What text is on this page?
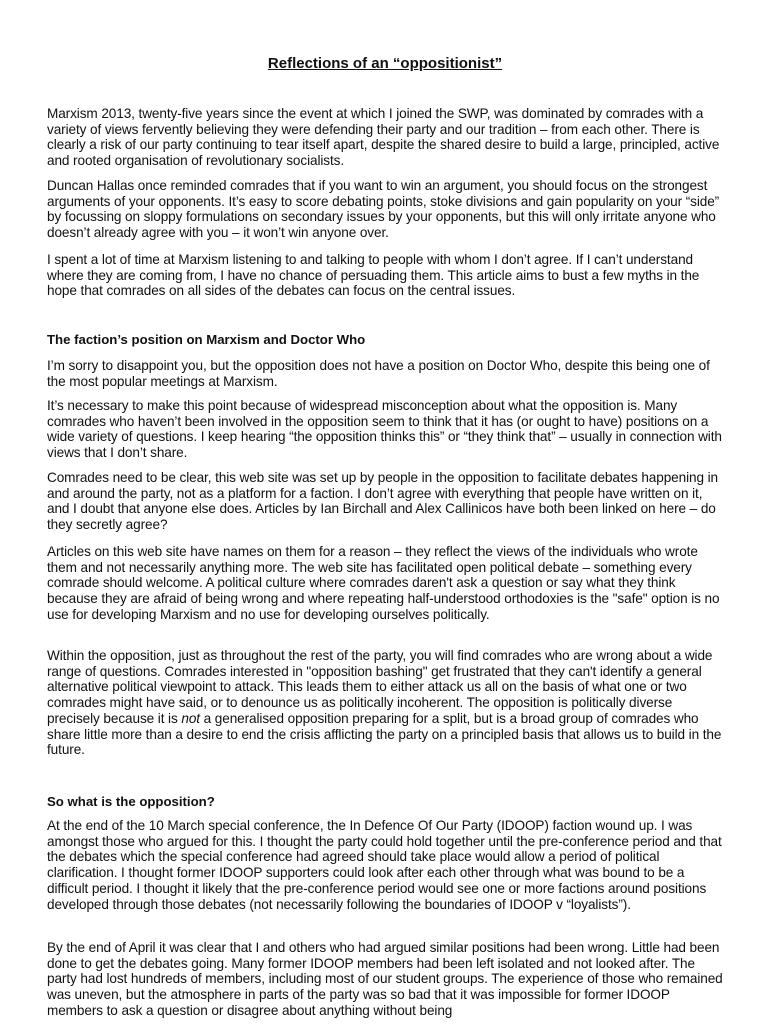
Reflections of an “oppositionist”

Marxism 2013, twenty-five years since the event at which I joined the SWP, was dominated by comrades with a variety of views fervently believing they were defending their party and our tradition – from each other. There is clearly a risk of our party continuing to tear itself apart, despite the shared desire to build a large, principled, active and rooted organisation of revolutionary socialists.

Duncan Hallas once reminded comrades that if you want to win an argument, you should focus on the strongest arguments of your opponents. It’s easy to score debating points, stoke divisions and gain popularity on your “side” by focussing on sloppy formulations on secondary issues by your opponents, but this will only irritate anyone who doesn’t already agree with you – it won’t win anyone over.

I spent a lot of time at Marxism listening to and talking to people with whom I don’t agree. If I can’t understand where they are coming from, I have no chance of persuading them. This article aims to bust a few myths in the hope that comrades on all sides of the debates can focus on the central issues.

The faction’s position on Marxism and Doctor Who

I’m sorry to disappoint you, but the opposition does not have a position on Doctor Who, despite this being one of the most popular meetings at Marxism.

It’s necessary to make this point because of widespread misconception about what the opposition is. Many comrades who haven’t been involved in the opposition seem to think that it has (or ought to have) positions on a wide variety of questions. I keep hearing “the opposition thinks this” or “they think that” – usually in connection with views that I don’t share.

Comrades need to be clear, this web site was set up by people in the opposition to facilitate debates happening in and around the party, not as a platform for a faction. I don’t agree with everything that people have written on it, and I doubt that anyone else does. Articles by Ian Birchall and Alex Callinicos have both been linked on here – do they secretly agree?

Articles on this web site have names on them for a reason – they reflect the views of the individuals who wrote them and not necessarily anything more. The web site has facilitated open political debate – something every comrade should welcome. A political culture where comrades daren't ask a question or say what they think because they are afraid of being wrong and where repeating half-understood orthodoxies is the "safe" option is no use for developing Marxism and no use for developing ourselves politically.

Within the opposition, just as throughout the rest of the party, you will find comrades who are wrong about a wide range of questions. Comrades interested in "opposition bashing" get frustrated that they can't identify a general alternative political viewpoint to attack. This leads them to either attack us all on the basis of what one or two comrades might have said, or to denounce us as politically incoherent. The opposition is politically diverse precisely because it is not a generalised opposition preparing for a split, but is a broad group of comrades who share little more than a desire to end the crisis afflicting the party on a principled basis that allows us to build in the future.

So what is the opposition?

At the end of the 10 March special conference, the In Defence Of Our Party (IDOOP) faction wound up. I was amongst those who argued for this. I thought the party could hold together until the pre-conference period and that the debates which the special conference had agreed should take place would allow a period of political clarification. I thought former IDOOP supporters could look after each other through what was bound to be a difficult period. I thought it likely that the pre-conference period would see one or more factions around positions developed through those debates (not necessarily following the boundaries of IDOOP v “loyalists”).

By the end of April it was clear that I and others who had argued similar positions had been wrong. Little had been done to get the debates going. Many former IDOOP members had been left isolated and not looked after. The party had lost hundreds of members, including most of our student groups. The experience of those who remained was uneven, but the atmosphere in parts of the party was so bad that it was impossible for former IDOOP members to ask a question or disagree about anything without being
